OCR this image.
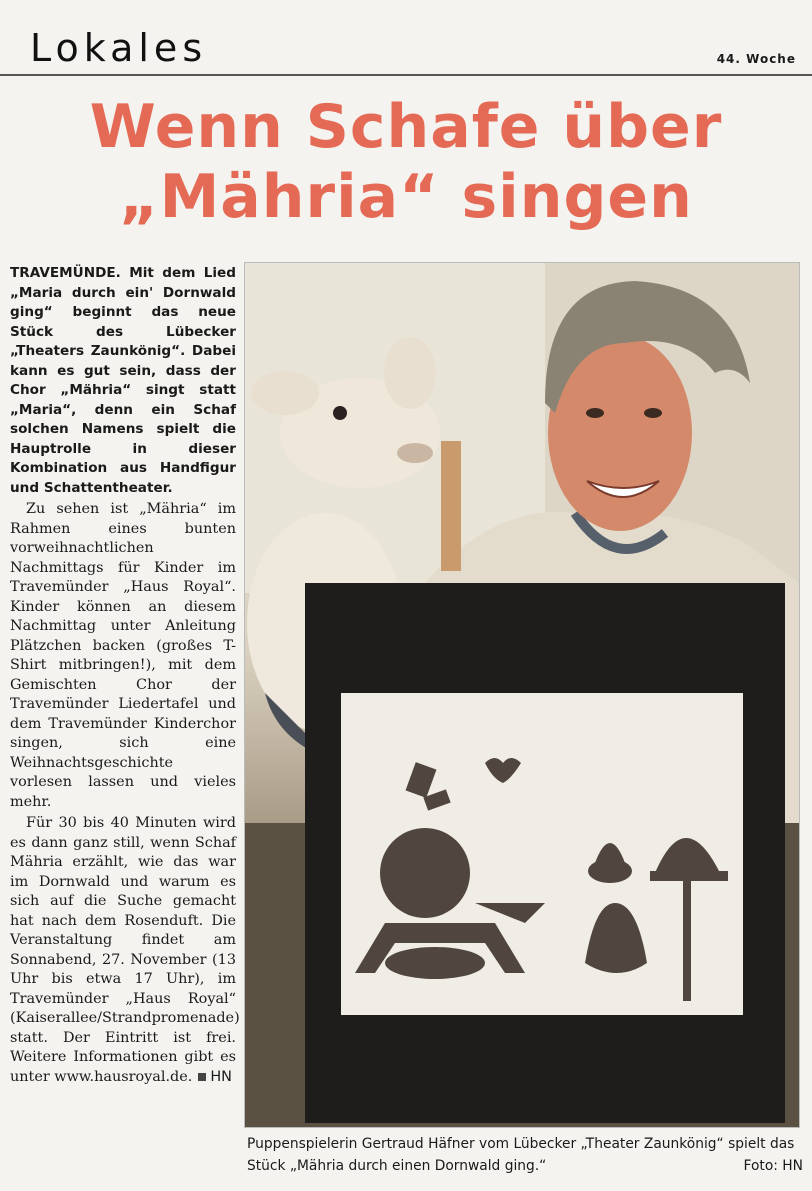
Lokales	44. Woche
Wenn Schafe über
„Mähria“ singen

TRAVEMÜNDE. Mit dem Lied „Maria durch ein' Dornwald ging“ beginnt das neue Stück des Lübecker „Theaters Zaunkönig“. Dabei kann es gut sein, dass der Chor „Mähria“ singt statt „Maria“, denn ein Schaf solchen Namens spielt die Hauptrolle in dieser Kombination aus Handfigur und Schattentheater.

Zu sehen ist „Mähria“ im Rahmen eines bunten vorweihnachtlichen Nachmittags für Kinder im Travemünder „Haus Royal“. Kinder können an diesem Nachmittag unter Anleitung Plätzchen backen (großes T-Shirt mitbringen!), mit dem Gemischten Chor der Travemünder Liedertafel und dem Travemünder Kinderchor singen, sich eine Weihnachtsgeschichte vorlesen lassen und vieles mehr.

Für 30 bis 40 Minuten wird es dann ganz still, wenn Schaf Mähria erzählt, wie das war im Dornwald und warum es sich auf die Suche gemacht hat nach dem Rosenduft. Die Veranstaltung findet am Sonnabend, 27. November (13 Uhr bis etwa 17 Uhr), im Travemünder „Haus Royal“ (Kaiserallee/Strandpromenade) statt. Der Eintritt ist frei. Weitere Informationen gibt es unter www.hausroyal.de. HN

Puppenspielerin Gertraud Häfner vom Lübecker „Theater Zaunkönig“ spielt das Stück „Mähria durch einen Dornwald ging.“	Foto: HN
